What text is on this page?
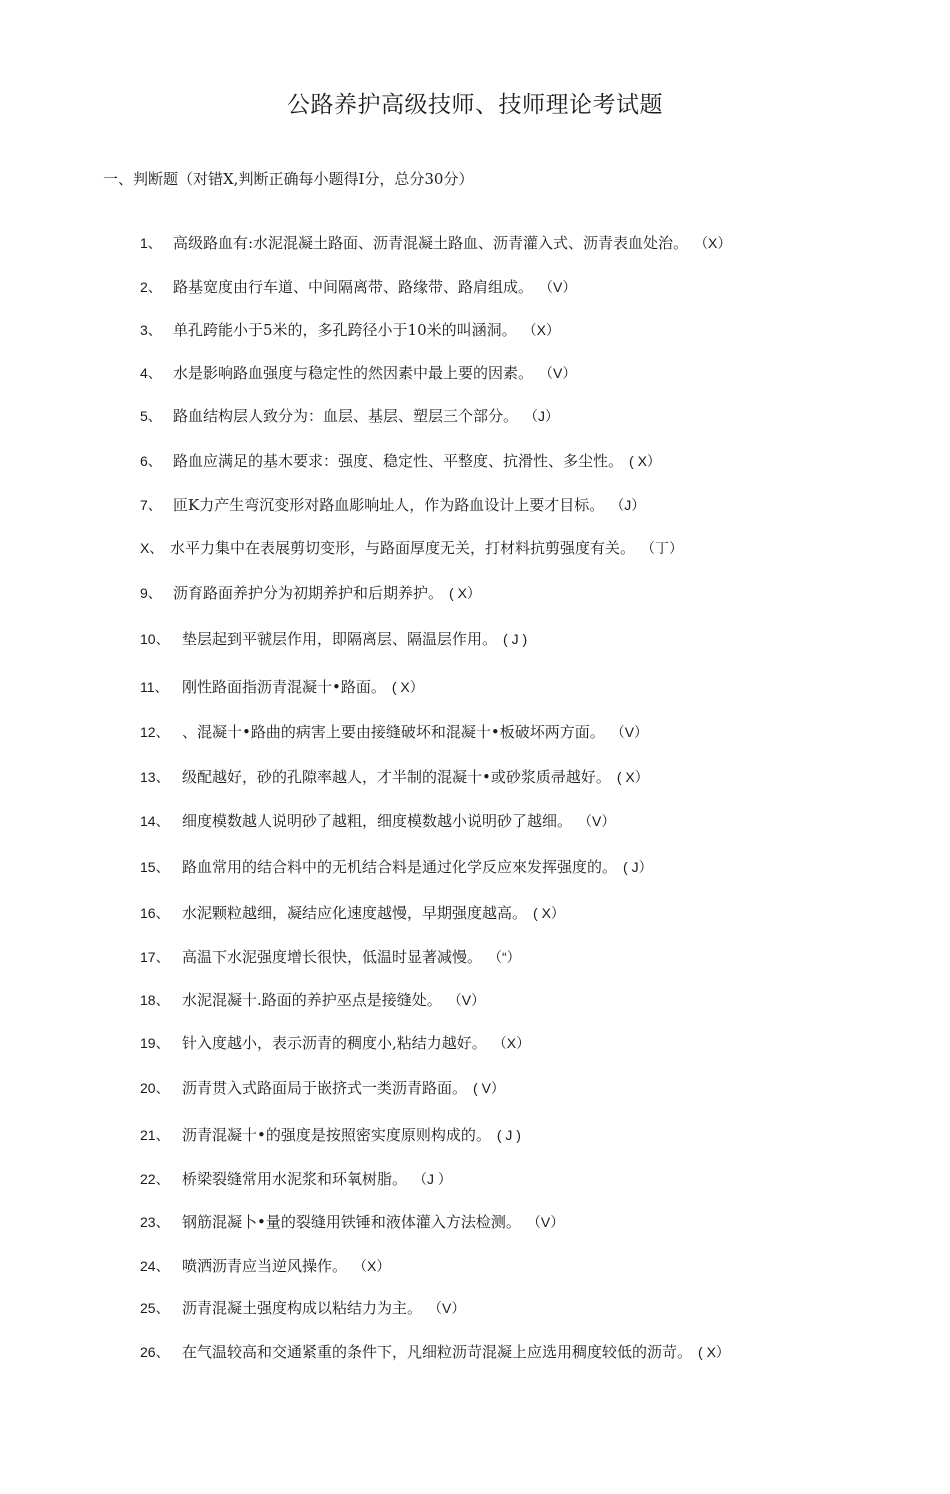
公路养护高级技师、技师理论考试题
一、判断题（对错X,判断正确每小题得I分，总分30分）
1、 高级路血有:水泥混凝土路面、沥青混凝土路血、沥青灌入式、沥青表血处治。 （X）
2、 路基宽度由行车道、中间隔离带、路缘带、路肩组成。 （V）
3、 单孔跨能小于5米的，多孔跨径小于10米的叫涵洞。 （X）
4、 水是影响路血强度与稳定性的然因素中最上要的因素。 （V）
5、 路血结构层人致分为：血层、基层、塑层三个部分。 （J）
6、 路血应满足的基木要求：强度、稳定性、平整度、抗滑性、多尘性。 ( X）
7、 匝K力产生弯沉变形对路血彫响址人，作为路血设计上要才目标。 （J）
X、 水平力集中在表展剪切变形，与路面厚度无关，打材料抗剪强度有关。 （丁）
9、 沥育路面养护分为初期养护和后期养护。 ( X）
10、 垫层起到平虢层作用，即隔离层、隔温层作用。 ( J )
11、 刚性路面指沥青混凝十•路面。 ( X）
12、 、混凝十•路曲的病害上要由接缝破坏和混凝十•板破坏两方面。 （V）
13、 级配越好，砂的孔隙率越人，才半制的混凝十•或砂浆质帚越好。 ( X）
14、 细度模数越人说明砂了越粗，细度模数越小说明砂了越细。 （V）
15、 路血常用的结合料中的无机结合料是通过化学反应來发挥强度的。 ( J）
16、 水泥颗粒越细，凝结应化速度越慢，早期强度越高。 ( X）
17、 高温下水泥强度增长很快，低温时显著减慢。 （“）
18、 水泥混凝十.路面的养护巫点是接缝处。 （V）
19、 针入度越小，表示沥青的稠度小,粘结力越好。 （X）
20、 沥青贯入式路面局于嵌挤式一类沥青路面。 ( V）
21、 沥青混凝十•的强度是按照密实度原则构成的。 ( J )
22、 桥梁裂缝常用水泥浆和环氧树脂。 （J ）
23、 钢筋混凝卜•量的裂缝用铁锤和液体灌入方法检测。 （V）
24、 喷洒沥青应当逆风操作。 （X）
25、 沥青混凝土强度构成以粘结力为主。 （V）
26、 在气温较高和交通紧重的条件下，凡细粒沥苛混凝上应选用稠度较低的沥苛。 ( X）
